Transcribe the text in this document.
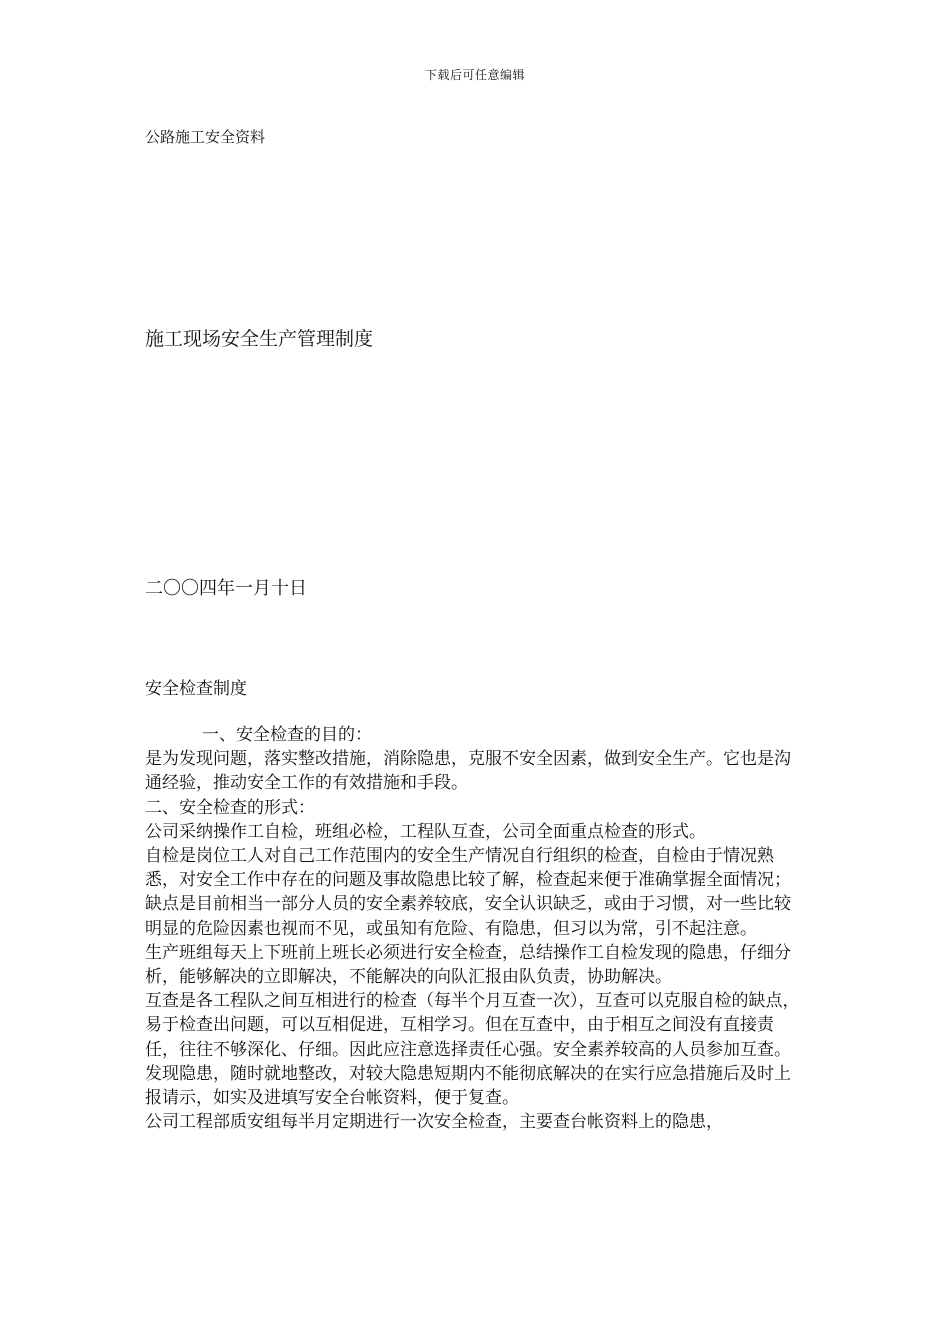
下载后可任意编辑
公路施工安全资料
施工现场安全生产管理制度
二〇〇四年一月十日
安全检查制度

一、安全检查的目的：

是为发现问题，落实整改措施，消除隐患，克服不安全因素，做到安全生产。它也是沟通经验，推动安全工作的有效措施和手段。

二、安全检查的形式：

公司采纳操作工自检，班组必检，工程队互查，公司全面重点检查的形式。

自检是岗位工人对自己工作范围内的安全生产情况自行组织的检查，自检由于情况熟悉，对安全工作中存在的问题及事故隐患比较了解，检查起来便于准确掌握全面情况；缺点是目前相当一部分人员的安全素养较底，安全认识缺乏，或由于习惯，对一些比较明显的危险因素也视而不见，或虽知有危险、有隐患，但习以为常，引不起注意。

生产班组每天上下班前上班长必须进行安全检查，总结操作工自检发现的隐患，仔细分析，能够解决的立即解决，不能解决的向队汇报由队负责，协助解决。

互查是各工程队之间互相进行的检查（每半个月互查一次），互查可以克服自检的缺点，易于检查出问题，可以互相促进，互相学习。但在互查中，由于相互之间没有直接责任，往往不够深化、仔细。因此应注意选择责任心强。安全素养较高的人员参加互查。发现隐患，随时就地整改，对较大隐患短期内不能彻底解决的在实行应急措施后及时上报请示，如实及进填写安全台帐资料，便于复查。

公司工程部质安组每半月定期进行一次安全检查，主要查台帐资料上的隐患，
